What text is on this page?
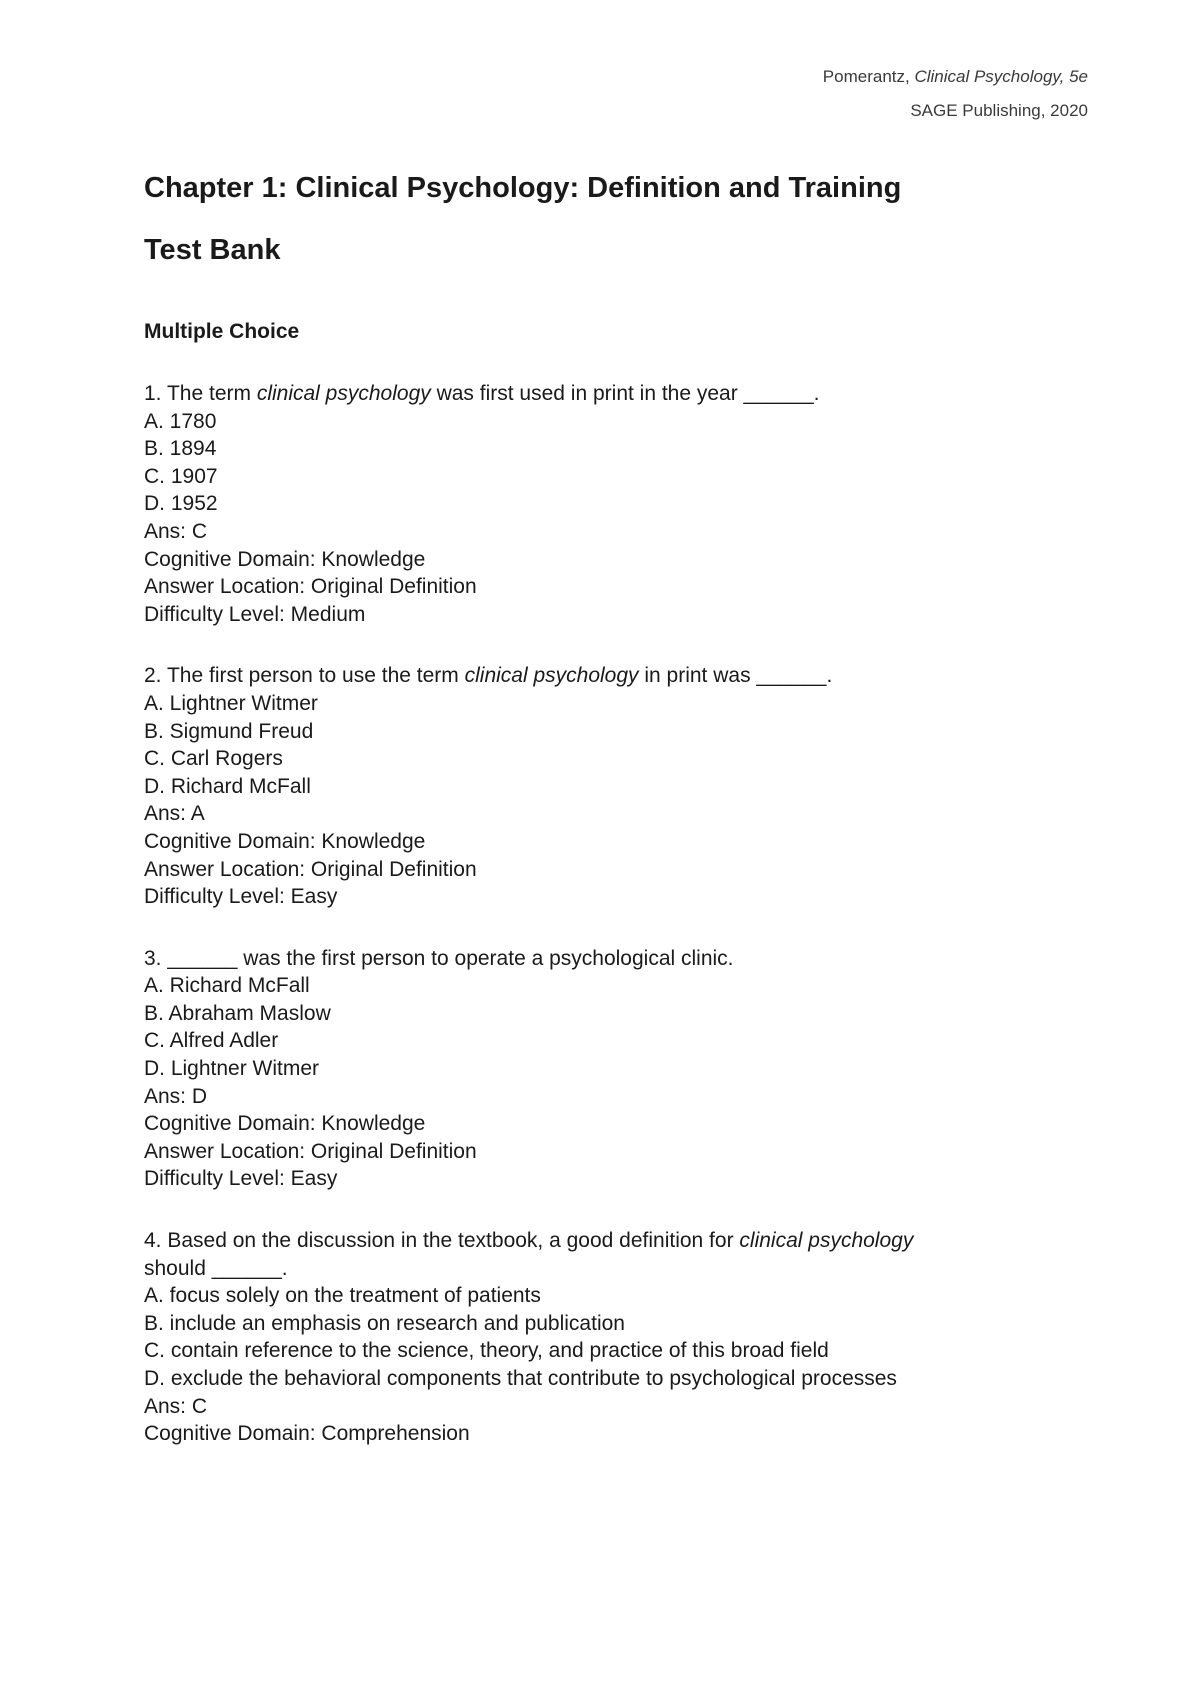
Pomerantz, Clinical Psychology, 5e
SAGE Publishing, 2020
Chapter 1: Clinical Psychology: Definition and Training
Test Bank
Multiple Choice
1. The term clinical psychology was first used in print in the year ______.
A. 1780
B. 1894
C. 1907
D. 1952
Ans: C
Cognitive Domain: Knowledge
Answer Location: Original Definition
Difficulty Level: Medium
2. The first person to use the term clinical psychology in print was ______.
A. Lightner Witmer
B. Sigmund Freud
C. Carl Rogers
D. Richard McFall
Ans: A
Cognitive Domain: Knowledge
Answer Location: Original Definition
Difficulty Level: Easy
3. ______ was the first person to operate a psychological clinic.
A. Richard McFall
B. Abraham Maslow
C. Alfred Adler
D. Lightner Witmer
Ans: D
Cognitive Domain: Knowledge
Answer Location: Original Definition
Difficulty Level: Easy
4. Based on the discussion in the textbook, a good definition for clinical psychology
should ______.
A. focus solely on the treatment of patients
B. include an emphasis on research and publication
C. contain reference to the science, theory, and practice of this broad field
D. exclude the behavioral components that contribute to psychological processes
Ans: C
Cognitive Domain: Comprehension
